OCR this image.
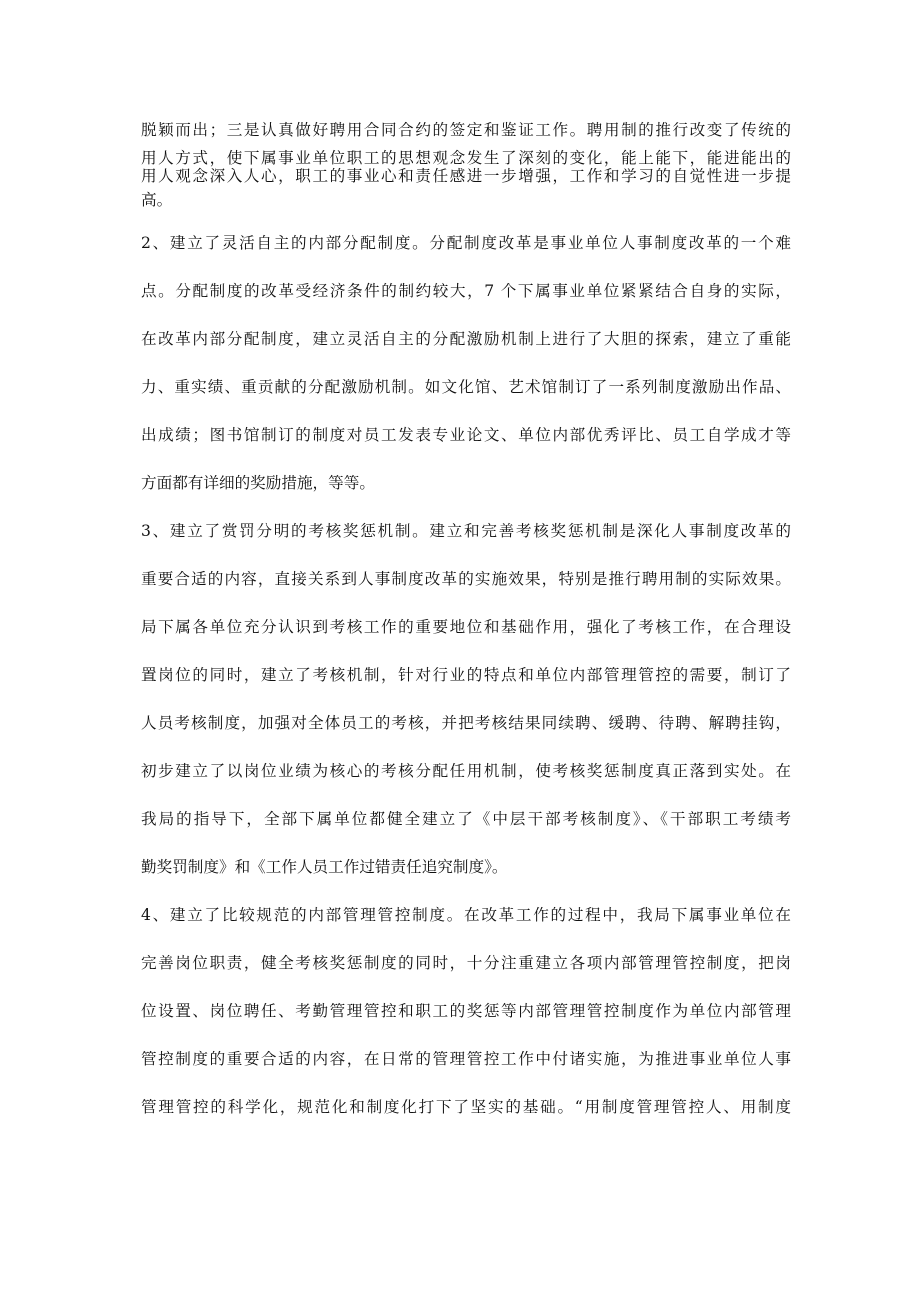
脱颖而出；三是认真做好聘用合同合约的签定和鉴证工作。聘用制的推行改变了传统的
用人方式，使下属事业单位职工的思想观念发生了深刻的变化，能上能下，能进能出的
用人观念深入人心，职工的事业心和责任感进一步增强，工作和学习的自觉性进一步提
高。
2、建立了灵活自主的内部分配制度。分配制度改革是事业单位人事制度改革的一个难
点。分配制度的改革受经济条件的制约较大，7 个下属事业单位紧紧结合自身的实际，
在改革内部分配制度，建立灵活自主的分配激励机制上进行了大胆的探索，建立了重能
力、重实绩、重贡献的分配激励机制。如文化馆、艺术馆制订了一系列制度激励出作品、
出成绩；图书馆制订的制度对员工发表专业论文、单位内部优秀评比、员工自学成才等
方面都有详细的奖励措施，等等。
3、建立了赏罚分明的考核奖惩机制。建立和完善考核奖惩机制是深化人事制度改革的
重要合适的内容，直接关系到人事制度改革的实施效果，特别是推行聘用制的实际效果。
局下属各单位充分认识到考核工作的重要地位和基础作用，强化了考核工作，在合理设
置岗位的同时，建立了考核机制，针对行业的特点和单位内部管理管控的需要，制订了
人员考核制度，加强对全体员工的考核，并把考核结果同续聘、缓聘、待聘、解聘挂钩，
初步建立了以岗位业绩为核心的考核分配任用机制，使考核奖惩制度真正落到实处。在
我局的指导下，全部下属单位都健全建立了《中层干部考核制度》、《干部职工考绩考
勤奖罚制度》和《工作人员工作过错责任追究制度》。
4、建立了比较规范的内部管理管控制度。在改革工作的过程中，我局下属事业单位在
完善岗位职责，健全考核奖惩制度的同时，十分注重建立各项内部管理管控制度，把岗
位设置、岗位聘任、考勤管理管控和职工的奖惩等内部管理管控制度作为单位内部管理
管控制度的重要合适的内容，在日常的管理管控工作中付诸实施，为推进事业单位人事
管理管控的科学化，规范化和制度化打下了坚实的基础。“用制度管理管控人、用制度
